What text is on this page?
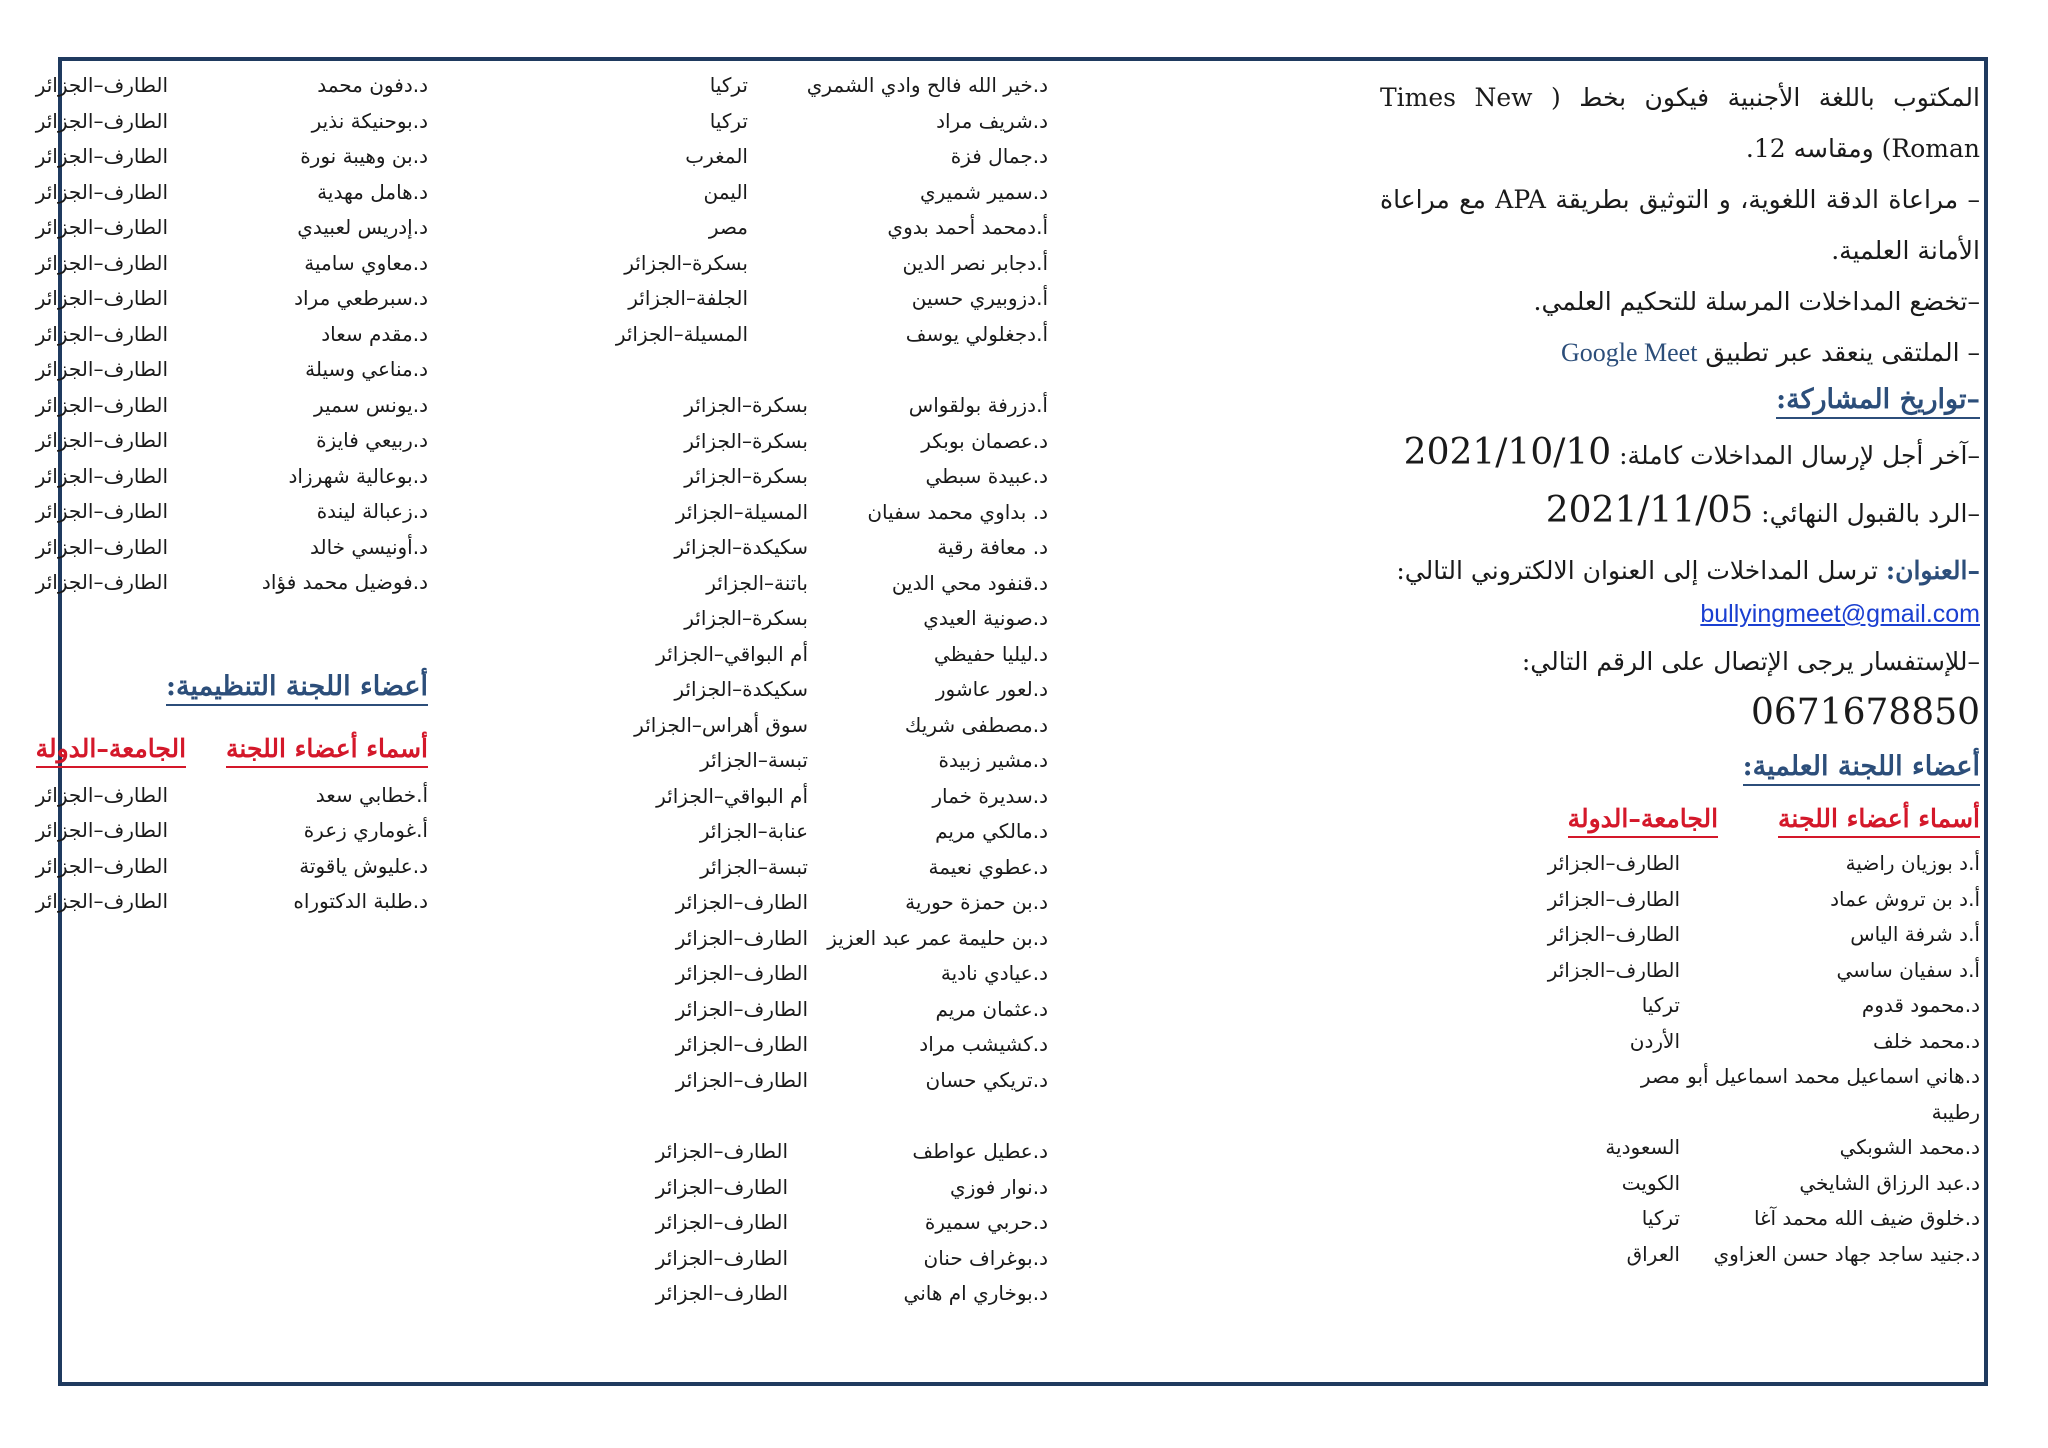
المكتوب باللغة الأجنبية فيكون بخط ( Times New Roman) ومقاسه 12.

– مراعاة الدقة اللغوية، و التوثيق بطريقة APA مع مراعاة الأمانة العلمية.

–تخضع المداخلات المرسلة للتحكيم العلمي.

– الملتقى ينعقد عبر تطبيق Google Meet

–تواريخ المشاركة:

–آخر أجل لإرسال المداخلات كاملة: 2021/10/10

–الرد بالقبول النهائي: 2021/11/05

–العنوان: ترسل المداخلات إلى العنوان الالكتروني التالي:

bullyingmeet@gmail.com

–للإستفسار يرجى الإتصال على الرقم التالي:

0671678850

أعضاء اللجنة العلمية:
أسماء أعضاء اللجنة
الجامعة–الدولة
أ.د بوزيان راضية
الطارف–الجزائر
أ.د بن تروش عماد
الطارف–الجزائر
أ.د شرفة الياس
الطارف–الجزائر
أ.د سفيان ساسي
الطارف–الجزائر
د.محمود قدوم
تركيا
د.محمد خلف
الأردن
د.هاني اسماعيل محمد اسماعيل أبو رطيبة
مصر
د.محمد الشوبكي
السعودية
د.عبد الرزاق الشايخي
الكويت
د.خلوق ضيف الله محمد آغا
تركيا
د.جنيد ساجد جهاد حسن العزاوي
العراق
د.خير الله فالح وادي الشمري
تركيا
د.شريف مراد
تركيا
د.جمال فزة
المغرب
د.سمير شميري
اليمن
أ.دمحمد أحمد بدوي
مصر
أ.دجابر نصر الدين
بسكرة–الجزائر
أ.دزوبيري حسين
الجلفة–الجزائر
أ.دجغلولي يوسف
المسيلة–الجزائر
أ.دزرفة بولقواس
بسكرة–الجزائر
د.عصمان بوبكر
بسكرة–الجزائر
د.عبيدة سبطي
بسكرة–الجزائر
د. بداوي محمد سفيان
المسيلة–الجزائر
د. معافة رقية
سكيكدة–الجزائر
د.قنفود محي الدين
باتنة–الجزائر
د.صونية العيدي
بسكرة–الجزائر
د.ليليا حفيظي
أم البواقي–الجزائر
د.لعور عاشور
سكيكدة–الجزائر
د.مصطفى شريك
سوق أهراس–الجزائر
د.مشير زبيدة
تبسة–الجزائر
د.سديرة خمار
أم البواقي–الجزائر
د.مالكي مريم
عنابة–الجزائر
د.عطوي نعيمة
تبسة–الجزائر
د.بن حمزة حورية
الطارف–الجزائر
د.بن حليمة عمر عبد العزيز
الطارف–الجزائر
د.عيادي نادية
الطارف–الجزائر
د.عثمان مريم
الطارف–الجزائر
د.كشيشب مراد
الطارف–الجزائر
د.تريكي حسان
الطارف–الجزائر
د.عطيل عواطف
الطارف–الجزائر
د.نوار فوزي
الطارف–الجزائر
د.حربي سميرة
الطارف–الجزائر
د.بوغراف حنان
الطارف–الجزائر
د.بوخاري ام هاني
الطارف–الجزائر
د.دفون محمد
الطارف–الجزائر
د.بوحنيكة نذير
الطارف–الجزائر
د.بن وهيبة نورة
الطارف–الجزائر
د.هامل مهدية
الطارف–الجزائر
د.إدريس لعبيدي
الطارف–الجزائر
د.معاوي سامية
الطارف–الجزائر
د.سبرطعي مراد
الطارف–الجزائر
د.مقدم سعاد
الطارف–الجزائر
د.مناعي وسيلة
الطارف–الجزائر
د.يونس سمير
الطارف–الجزائر
د.ربيعي فايزة
الطارف–الجزائر
د.بوعالية شهرزاد
الطارف–الجزائر
د.زعبالة ليندة
الطارف–الجزائر
د.أونيسي خالد
الطارف–الجزائر
د.فوضيل محمد فؤاد
الطارف–الجزائر
أعضاء اللجنة التنظيمية:
أسماء أعضاء اللجنة
الجامعة–الدولة
أ.خطابي سعد
الطارف–الجزائر
أ.غوماري زعرة
الطارف–الجزائر
د.عليوش ياقوتة
الطارف–الجزائر
د.طلبة الدكتوراه
الطارف–الجزائر
